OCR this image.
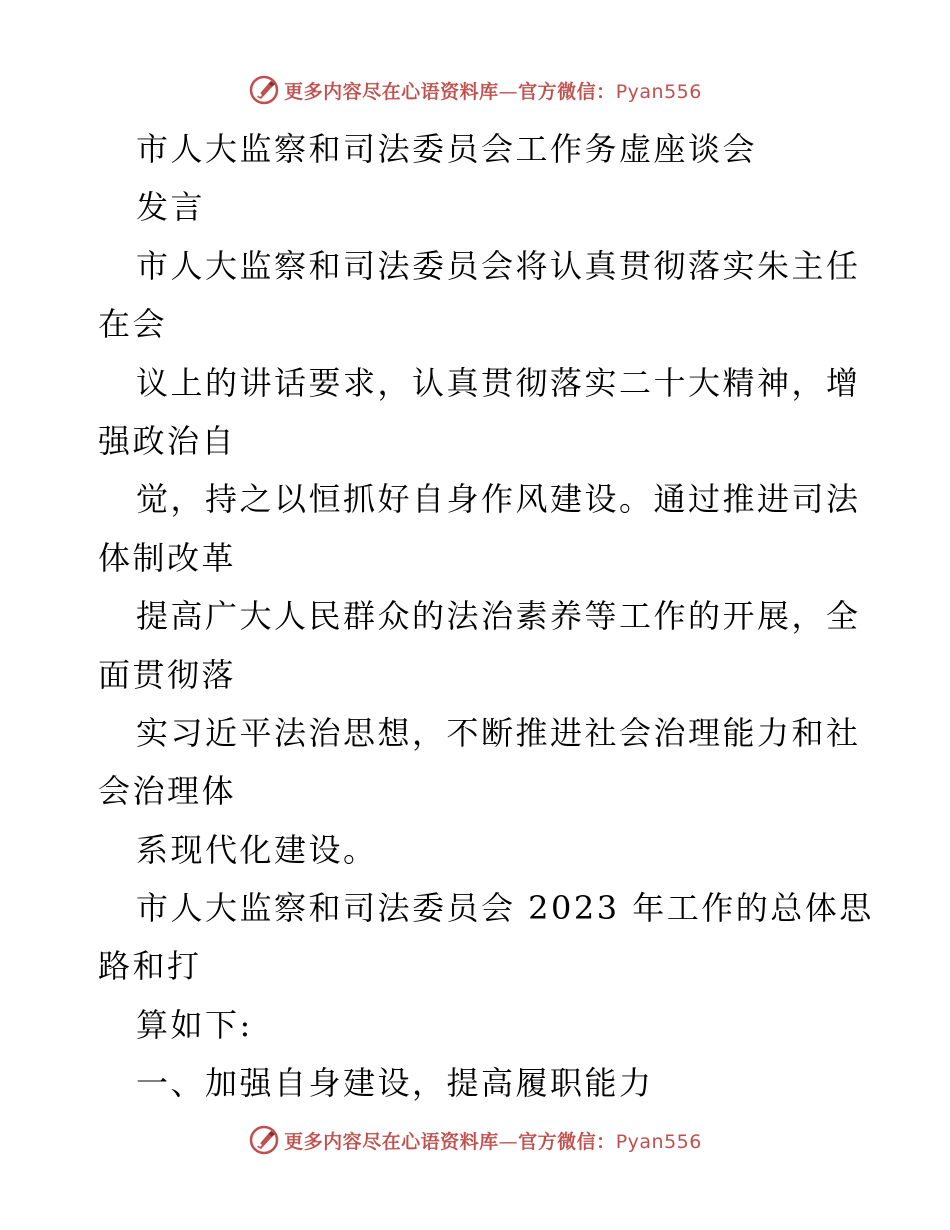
更多内容尽在心语资料库—官方微信：Pyan556
市人大监察和司法委员会工作务虚座谈会
发言
市人大监察和司法委员会将认真贯彻落实朱主任
在会
议上的讲话要求，认真贯彻落实二十大精神，增
强政治自
觉，持之以恒抓好自身作风建设。通过推进司法
体制改革
提高广大人民群众的法治素养等工作的开展，全
面贯彻落
实习近平法治思想，不断推进社会治理能力和社
会治理体
系现代化建设。
市人大监察和司法委员会 2023 年工作的总体思
路和打
算如下:
一、加强自身建设，提高履职能力
更多内容尽在心语资料库—官方微信：Pyan556
